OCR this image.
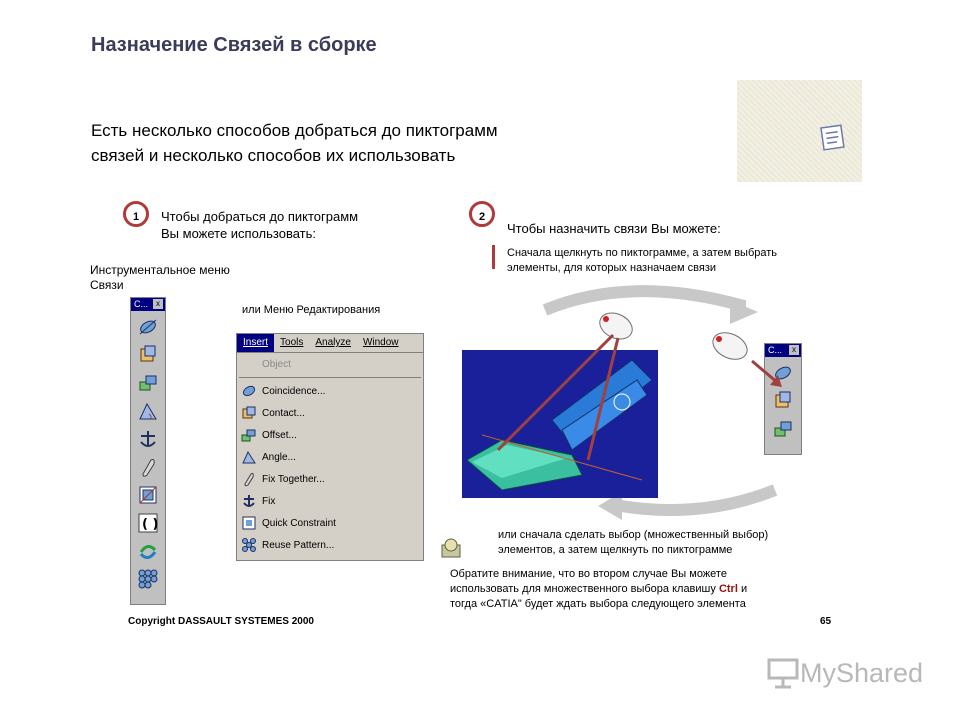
Назначение Связей в сборке
Есть несколько способов добраться до пиктограмм
связей и несколько способов их использовать
1	Чтобы добраться до пиктограмм
Вы можете использовать:
Инструментальное меню
Связи
или Меню Редактирования
C... x
( )
Insert	Tools	Analyze	Window
Object
Coincidence...
Contact...
Offset...
Angle...
Fix Together...
Fix
Quick Constraint
Reuse Pattern...
2
Чтобы назначить связи Вы можете:
Сначала щелкнуть по пиктограмме, а затем выбрать
элементы, для которых назначаем связи
C...	x
или сначала сделать выбор (множественный выбор)
элементов, а затем щелкнуть по пиктограмме
Обратите внимание, что во втором случае Вы можете
использовать для множественного выбора клавишу Ctrl и
тогда «CATIA" будет ждать выбора следующего элемента
Copyright DASSAULT SYSTEMES 2000	65
MyShared
